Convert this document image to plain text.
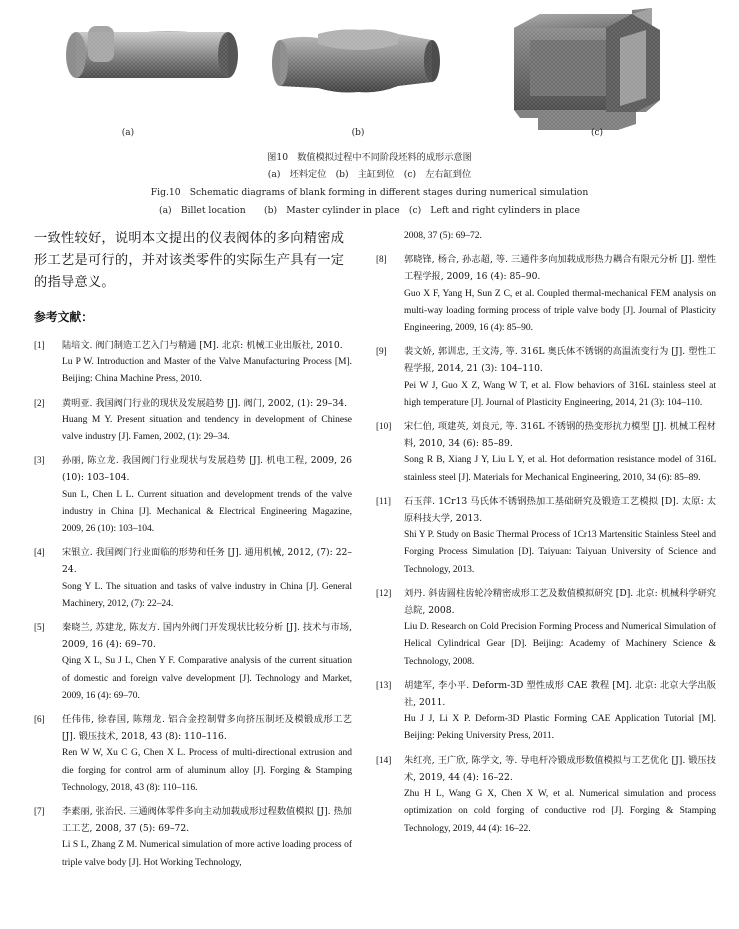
(a)	(b)	(c)
图10　数值模拟过程中不同阶段坯料的成形示意图
(a)　坯料定位　(b)　主缸到位　(c)　左右缸到位
Fig.10　Schematic diagrams of blank forming in different stages during numerical simulation
(a)　Billet location　　(b)　Master cylinder in place　(c)　Left and right cylinders in place

一致性较好，说明本文提出的仪表阀体的多向精密成形工艺是可行的，并对该类零件的实际生产具有一定的指导意义。

参考文献：
[1] 陆培文. 阀门制造工艺入门与精通 [M]. 北京: 机械工业出版社, 2010.
Lu P W. Introduction and Master of the Valve Manufacturing Process [M]. Beijing: China Machine Press, 2010.
[2] 黄明亚. 我国阀门行业的现状及发展趋势 [J]. 阀门, 2002, (1): 29–34.
Huang M Y. Present situation and tendency in development of Chinese valve industry [J]. Famen, 2002, (1): 29–34.
[3] 孙丽, 陈立龙. 我国阀门行业现状与发展趋势 [J]. 机电工程, 2009, 26 (10): 103–104.
Sun L, Chen L L. Current situation and development trends of the valve industry in China [J]. Mechanical & Electrical Engineering Magazine, 2009, 26 (10): 103–104.
[4] 宋银立. 我国阀门行业面临的形势和任务 [J]. 通用机械, 2012, (7): 22–24.
Song Y L. The situation and tasks of valve industry in China [J]. General Machinery, 2012, (7): 22–24.
[5] 秦晓兰, 苏建龙, 陈友方. 国内外阀门开发现状比较分析 [J]. 技术与市场, 2009, 16 (4): 69–70.
Qing X L, Su J L, Chen Y F. Comparative analysis of the current situation of domestic and foreign valve development [J]. Technology and Market, 2009, 16 (4): 69–70.
[6] 任伟伟, 徐春国, 陈翔龙. 铝合金控制臂多向挤压制坯及模锻成形工艺 [J]. 锻压技术, 2018, 43 (8): 110–116.
Ren W W, Xu C G, Chen X L. Process of multi-directional extrusion and die forging for control arm of aluminum alloy [J]. Forging & Stamping Technology, 2018, 43 (8): 110–116.
[7] 李素丽, 张治民. 三通阀体零件多向主动加载成形过程数值模拟 [J]. 热加工工艺, 2008, 37 (5): 69–72.
Li S L, Zhang Z M. Numerical simulation of more active loading process of triple valve body [J]. Hot Working Technology,
2008, 37 (5): 69–72.
[8] 郭晓锋, 杨合, 孙志超, 等. 三通件多向加载成形热力耦合有限元分析 [J]. 塑性工程学报, 2009, 16 (4): 85–90.
Guo X F, Yang H, Sun Z C, et al. Coupled thermal-mechanical FEM analysis on multi-way loading forming process of triple valve body [J]. Journal of Plasticity Engineering, 2009, 16 (4): 85–90.
[9] 裴文娇, 郭训忠, 王文涛, 等. 316L 奥氏体不锈钢的高温流变行为 [J]. 塑性工程学报, 2014, 21 (3): 104–110.
Pei W J, Guo X Z, Wang W T, et al. Flow behaviors of 316L stainless steel at high temperature [J]. Journal of Plasticity Engineering, 2014, 21 (3): 104–110.
[10] 宋仁伯, 项建英, 刘良元, 等. 316L 不锈钢的热变形抗力模型 [J]. 机械工程材料, 2010, 34 (6): 85–89.
Song R B, Xiang J Y, Liu L Y, et al. Hot deformation resistance model of 316L stainless steel [J]. Materials for Mechanical Engineering, 2010, 34 (6): 85–89.
[11] 石玉萍. 1Cr13 马氏体不锈钢热加工基础研究及锻造工艺模拟 [D]. 太原: 太原科技大学, 2013.
Shi Y P. Study on Basic Thermal Process of 1Cr13 Martensitic Stainless Steel and Forging Process Simulation [D]. Taiyuan: Taiyuan University of Science and Technology, 2013.
[12] 刘丹. 斜齿圆柱齿轮冷精密成形工艺及数值模拟研究 [D]. 北京: 机械科学研究总院, 2008.
Liu D. Research on Cold Precision Forming Process and Numerical Simulation of Helical Cylindrical Gear [D]. Beijing: Academy of Machinery Science & Technology, 2008.
[13] 胡建军, 李小平. Deform-3D 塑性成形 CAE 教程 [M]. 北京: 北京大学出版社, 2011.
Hu J J, Li X P. Deform-3D Plastic Forming CAE Application Tutorial [M]. Beijing: Peking University Press, 2011.
[14] 朱红亮, 王广欣, 陈学文, 等. 导电杆冷锻成形数值模拟与工艺优化 [J]. 锻压技术, 2019, 44 (4): 16–22.
Zhu H L, Wang G X, Chen X W, et al. Numerical simulation and process optimization on cold forging of conductive rod [J]. Forging & Stamping Technology, 2019, 44 (4): 16–22.
